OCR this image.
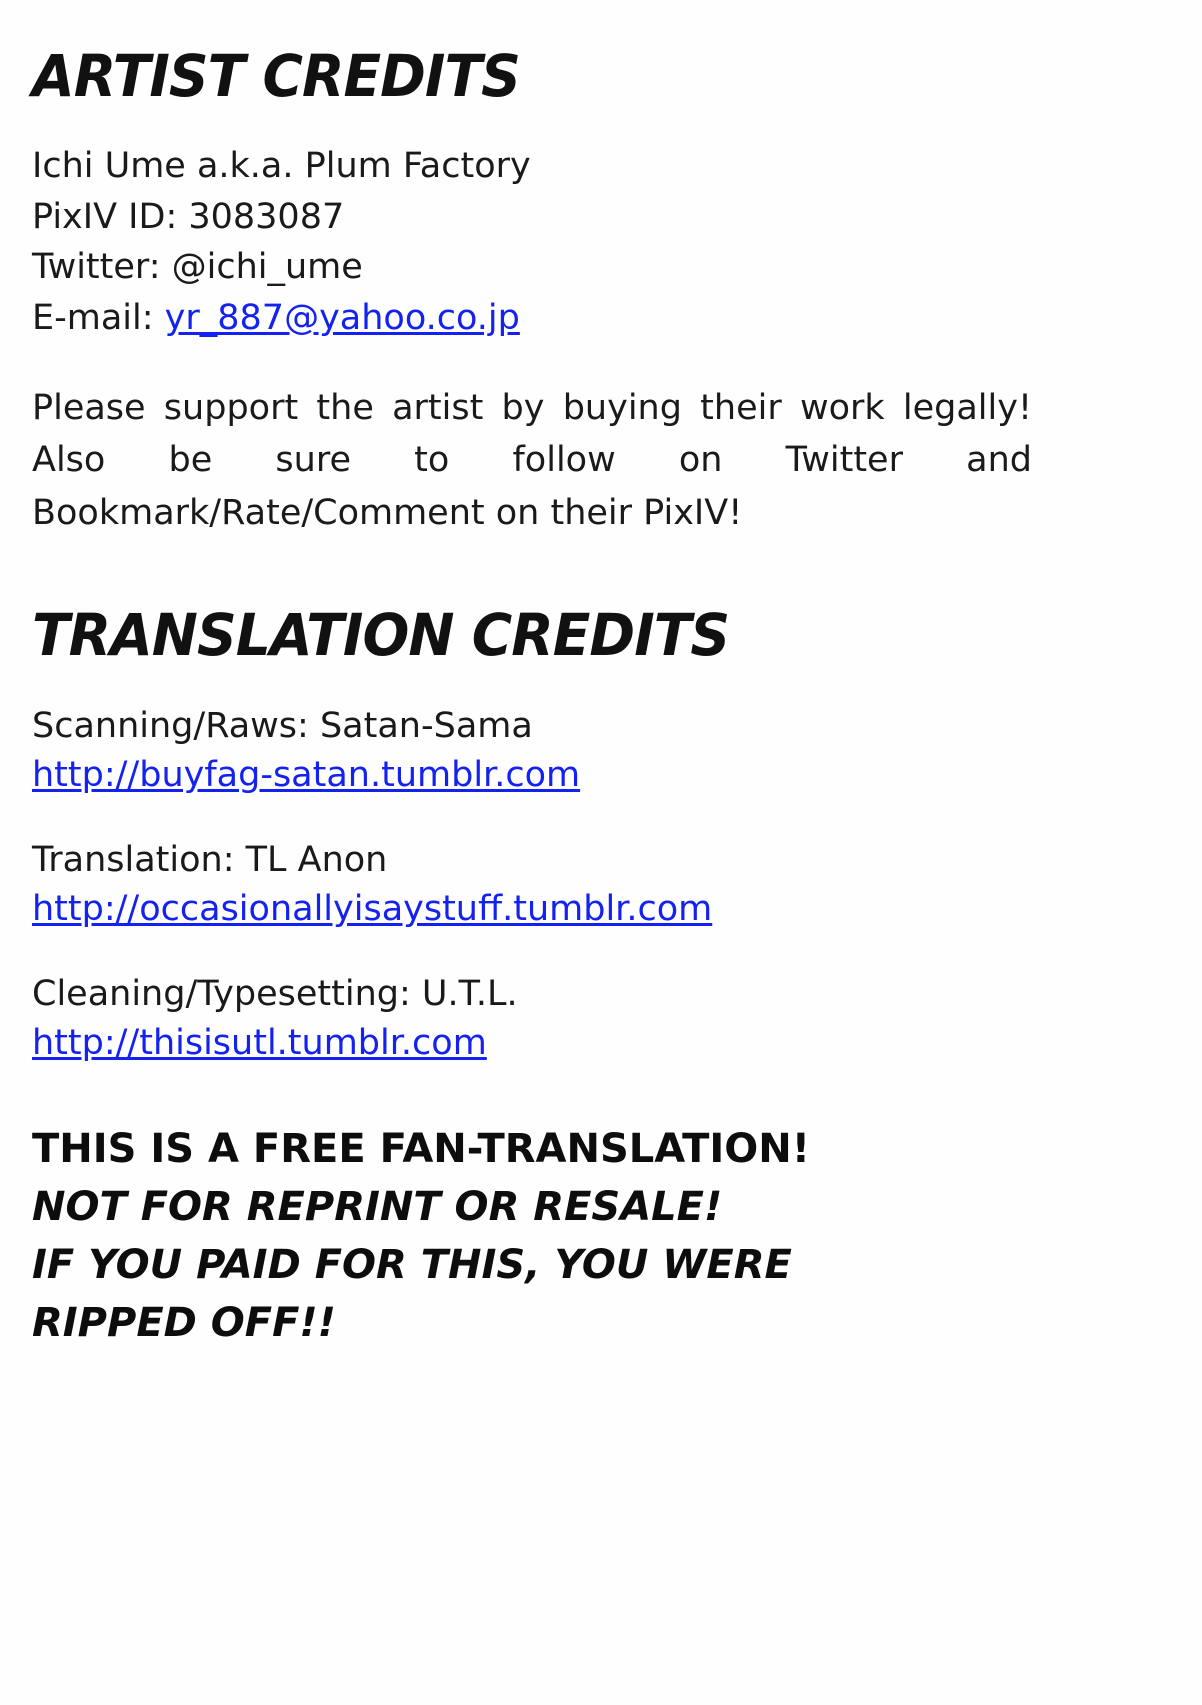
ARTIST CREDITS
Ichi Ume a.k.a. Plum Factory
PixIV ID: 3083087
Twitter: @ichi_ume
E-mail: yr_887@yahoo.co.jp

Please support the artist by buying their work legally! Also be sure to follow on Twitter and Bookmark/Rate/Comment on their PixIV!

TRANSLATION CREDITS
Scanning/Raws: Satan-Sama
http://buyfag-satan.tumblr.com
Translation: TL Anon
http://occasionallyisaystuff.tumblr.com
Cleaning/Typesetting: U.T.L.
http://thisisutl.tumblr.com
THIS IS A FREE FAN-TRANSLATION!
NOT FOR REPRINT OR RESALE!
IF YOU PAID FOR THIS, YOU WERE
RIPPED OFF!!
